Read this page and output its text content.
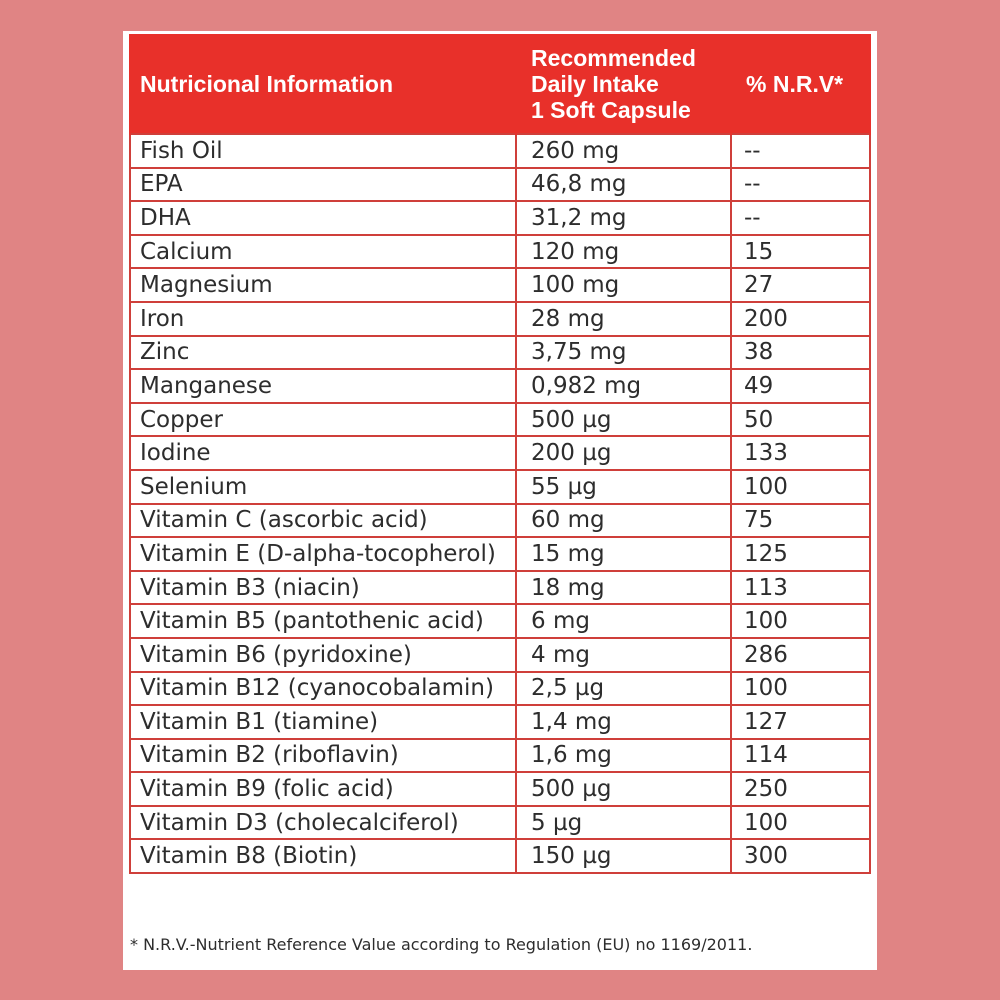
Nutricional Information	Recommended
Daily Intake
1 Soft Capsule	% N.R.V*
Fish Oil	260 mg	--
EPA	46,8 mg	--
DHA	31,2 mg	--
Calcium	120 mg	15
Magnesium	100 mg	27
Iron	28 mg	200
Zinc	3,75 mg	38
Manganese	0,982 mg	49
Copper	500 µg	50
Iodine	200 µg	133
Selenium	55 µg	100
Vitamin C (ascorbic acid)	60 mg	75
Vitamin E (D-alpha-tocopherol)	15 mg	125
Vitamin B3 (niacin)	18 mg	113
Vitamin B5 (pantothenic acid)	6 mg	100
Vitamin B6 (pyridoxine)	4 mg	286
Vitamin B12 (cyanocobalamin)	2,5 µg	100
Vitamin B1 (tiamine)	1,4 mg	127
Vitamin B2 (riboflavin)	1,6 mg	114
Vitamin B9 (folic acid)	500 µg	250
Vitamin D3 (cholecalciferol)	5 µg	100
Vitamin B8 (Biotin)	150 µg	300
* N.R.V.-Nutrient Reference Value according to Regulation (EU) no 1169/2011.
